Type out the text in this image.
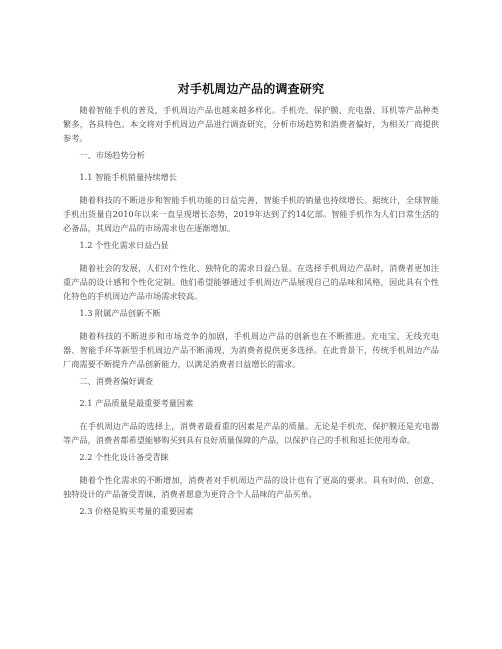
对手机周边产品的调查研究

随着智能手机的普及，手机周边产品也越来越多样化。手机壳、保护膜、充电器、耳机等产品种类繁多，各具特色。本文将对手机周边产品进行调查研究，分析市场趋势和消费者偏好，为相关厂商提供参考。

一、市场趋势分析
1.1 智能手机销量持续增长

随着科技的不断进步和智能手机功能的日益完善，智能手机的销量也持续增长。据统计，全球智能手机出货量自2010年以来一直呈现增长态势，2019年达到了约14亿部。智能手机作为人们日常生活的必备品，其周边产品的市场需求也在逐渐增加。

1.2 个性化需求日益凸显

随着社会的发展，人们对个性化、独特化的需求日益凸显。在选择手机周边产品时，消费者更加注重产品的设计感和个性化定制。他们希望能够通过手机周边产品展现自己的品味和风格，因此具有个性化特色的手机周边产品市场需求较高。

1.3 附属产品创新不断

随着科技的不断进步和市场竞争的加剧，手机周边产品的创新也在不断推进。充电宝、无线充电器、智能手环等新型手机周边产品不断涌现，为消费者提供更多选择。在此背景下，传统手机周边产品厂商需要不断提升产品创新能力，以满足消费者日益增长的需求。

二、消费者偏好调查
2.1 产品质量是最重要考量因素

在手机周边产品的选择上，消费者最看重的因素是产品的质量。无论是手机壳、保护膜还是充电器等产品，消费者都希望能够购买到具有良好质量保障的产品，以保护自己的手机和延长使用寿命。

2.2 个性化设计备受青睐

随着个性化需求的不断增加，消费者对手机周边产品的设计也有了更高的要求。具有时尚、创意、独特设计的产品备受青睐，消费者愿意为更符合个人品味的产品买单。

2.3 价格是购买考量的重要因素
